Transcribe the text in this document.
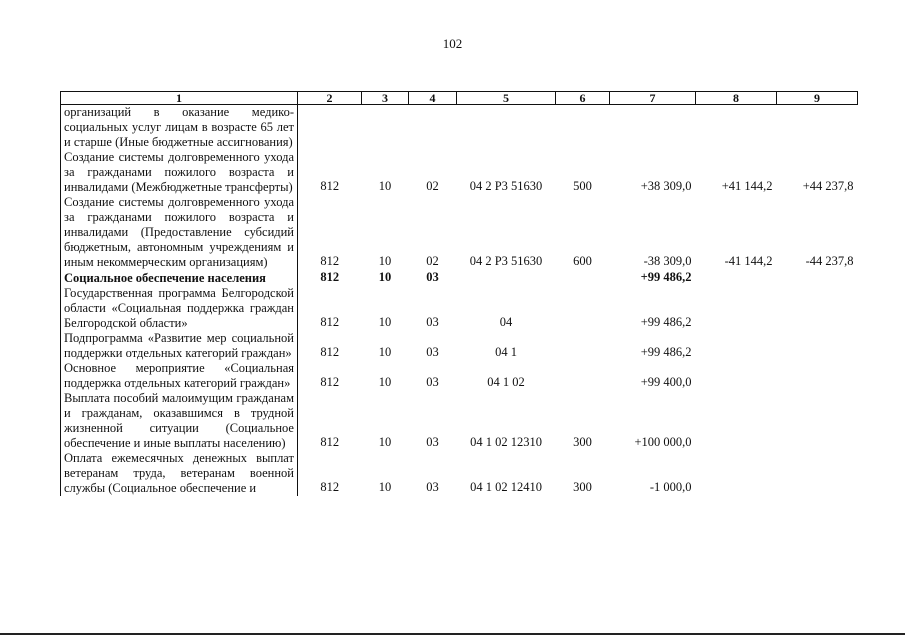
102
1	2	3	4	5	6	7	8	9
организаций в оказание медико-социальных услуг лицам в возрасте 65 лет и старше (Иные бюджетные ассигнования)								
Создание системы долговременного ухода за гражданами пожилого возраста и инвалидами (Межбюджетные трансферты)	812	10	02	04 2 Р3 51630	500	+38 309,0	+41 144,2	+44 237,8
Создание системы долговременного ухода за гражданами пожилого возраста и инвалидами (Предоставление субсидий бюджетным, автономным учреждениям и иным некоммерческим организациям)	812	10	02	04 2 Р3 51630	600	-38 309,0	-41 144,2	-44 237,8
Социальное обеспечение населения	812	10	03			+99 486,2		
Государственная программа Белгородской области «Социальная поддержка граждан Белгородской области»	812	10	03	04		+99 486,2		
Подпрограмма «Развитие мер социальной поддержки отдельных категорий граждан»	812	10	03	04 1		+99 486,2		
Основное мероприятие «Социальная поддержка отдельных категорий граждан»	812	10	03	04 1 02		+99 400,0		
Выплата пособий малоимущим гражданам и гражданам, оказавшимся в трудной жизненной ситуации (Социальное обеспечение и иные выплаты населению)	812	10	03	04 1 02 12310	300	+100 000,0		
Оплата ежемесячных денежных выплат ветеранам труда, ветеранам военной службы (Социальное обеспечение и	812	10	03	04 1 02 12410	300	-1 000,0		
